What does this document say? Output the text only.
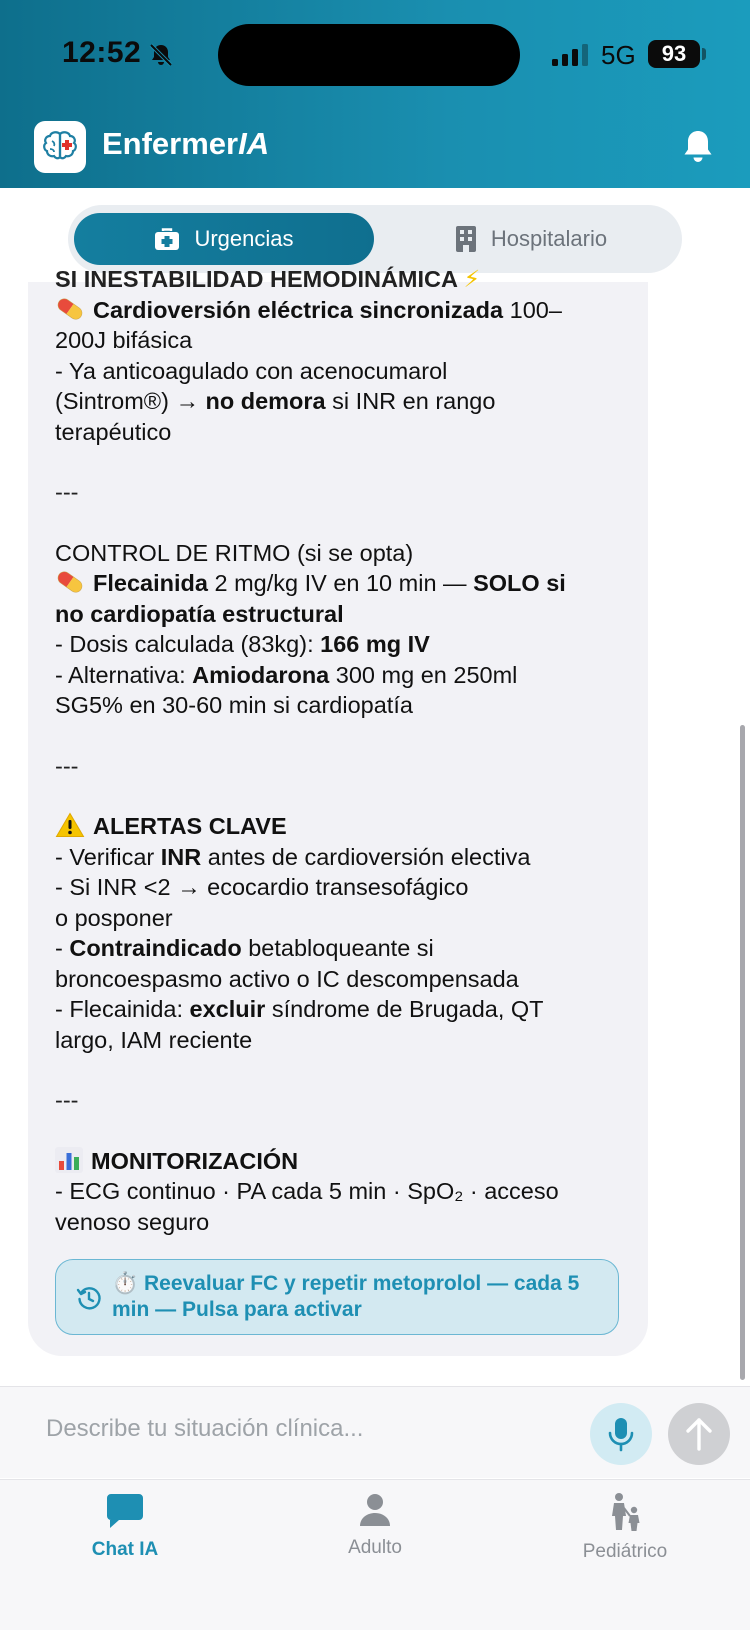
12:52	5G	93
EnfermerIA
Urgencias	Hospitalario
SI INESTABILIDAD HEMODINÁMICA ⚡
Cardioversión eléctrica sincronizada 100–
200J bifásica
- Ya anticoagulado con acenocumarol
(Sintrom®) → no demora si INR en rango
terapéutico
---
CONTROL DE RITMO (si se opta)
Flecainida 2 mg/kg IV en 10 min — SOLO si
no cardiopatía estructural
- Dosis calculada (83kg): 166 mg IV
- Alternativa: Amiodarona 300 mg en 250ml
SG5% en 30-60 min si cardiopatía
---
ALERTAS CLAVE
- Verificar INR antes de cardioversión electiva
- Si INR <2 → ecocardio transesofágico
o posponer
- Contraindicado betabloqueante si
broncoespasmo activo o IC descompensada
- Flecainida: excluir síndrome de Brugada, QT
largo, IAM reciente
---
MONITORIZACIÓN
- ECG continuo · PA cada 5 min · SpO₂ · acceso
venoso seguro
⏱️ Reevaluar FC y repetir metoprolol — cada 5 min — Pulsa para activar
Describe tu situación clínica...
Chat IA	Adulto	Pediátrico
